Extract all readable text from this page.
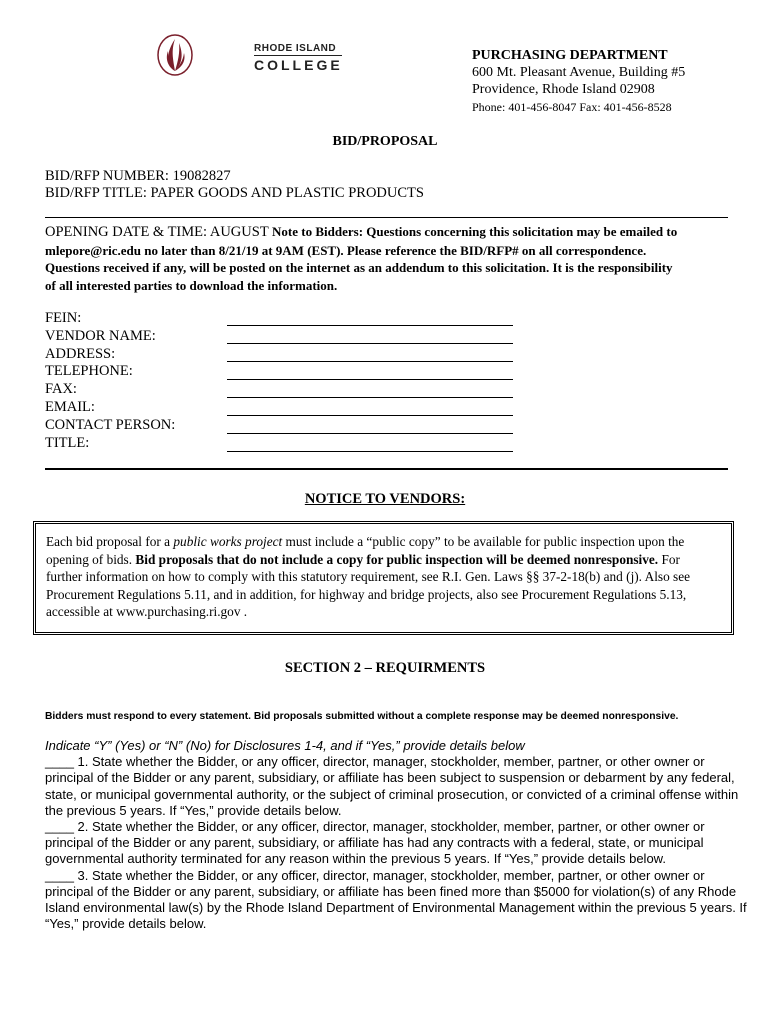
RHODE ISLAND
COLLEGE
PURCHASING DEPARTMENT
600 Mt. Pleasant Avenue, Building #5
Providence, Rhode Island 02908
Phone: 401-456-8047 Fax: 401-456-8528
BID/PROPOSAL
BID/RFP NUMBER: 19082827
BID/RFP TITLE: PAPER GOODS AND PLASTIC PRODUCTS
OPENING DATE & TIME: AUGUST Note to Bidders: Questions concerning this solicitation may be emailed to
mlepore@ric.edu no later than 8/21/19 at 9AM (EST). Please reference the BID/RFP# on all correspondence.
Questions received if any, will be posted on the internet as an addendum to this solicitation. It is the responsibility
of all interested parties to download the information.
FEIN:
VENDOR NAME:
ADDRESS:
TELEPHONE:
FAX:
EMAIL:
CONTACT PERSON:
TITLE:
NOTICE TO VENDORS:
Each bid proposal for a public works project must include a “public copy” to be available for public inspection upon the
opening of bids. Bid proposals that do not include a copy for public inspection will be deemed nonresponsive. For
further information on how to comply with this statutory requirement, see R.I. Gen. Laws §§ 37-2-18(b) and (j). Also see
Procurement Regulations 5.11, and in addition, for highway and bridge projects, also see Procurement Regulations 5.13,
accessible at www.purchasing.ri.gov .
SECTION 2 – REQUIRMENTS
Bidders must respond to every statement. Bid proposals submitted without a complete response may be deemed nonresponsive.
Indicate “Y” (Yes) or “N” (No) for Disclosures 1-4, and if “Yes,” provide details below
____ 1. State whether the Bidder, or any officer, director, manager, stockholder, member, partner, or other owner or principal of the Bidder or any parent, subsidiary, or affiliate has been subject to suspension or debarment by any federal, state, or municipal governmental authority, or the subject of criminal prosecution, or convicted of a criminal offense within the previous 5 years. If “Yes,” provide details below.
____ 2. State whether the Bidder, or any officer, director, manager, stockholder, member, partner, or other owner or principal of the Bidder or any parent, subsidiary, or affiliate has had any contracts with a federal, state, or municipal governmental authority terminated for any reason within the previous 5 years. If “Yes,” provide details below.
____ 3. State whether the Bidder, or any officer, director, manager, stockholder, member, partner, or other owner or principal of the Bidder or any parent, subsidiary, or affiliate has been fined more than $5000 for violation(s) of any Rhode Island environmental law(s) by the Rhode Island Department of Environmental Management within the previous 5 years. If “Yes,” provide details below.
